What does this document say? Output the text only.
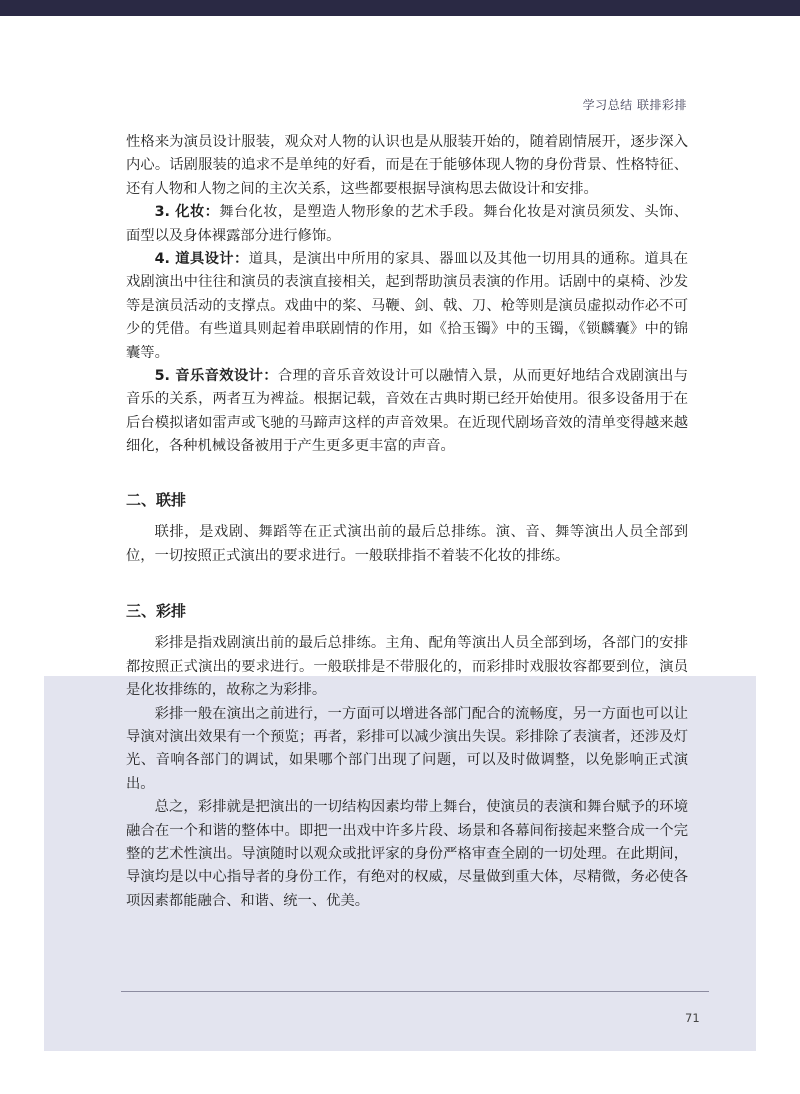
学习总结 联排彩排

性格来为演员设计服装，观众对人物的认识也是从服装开始的，随着剧情展开，逐步深入内心。话剧服装的追求不是单纯的好看，而是在于能够体现人物的身份背景、性格特征、还有人物和人物之间的主次关系，这些都要根据导演构思去做设计和安排。

3. 化妆：舞台化妆，是塑造人物形象的艺术手段。舞台化妆是对演员须发、头饰、面型以及身体裸露部分进行修饰。

4. 道具设计：道具，是演出中所用的家具、器皿以及其他一切用具的通称。道具在戏剧演出中往往和演员的表演直接相关，起到帮助演员表演的作用。话剧中的桌椅、沙发等是演员活动的支撑点。戏曲中的桨、马鞭、剑、戟、刀、枪等则是演员虚拟动作必不可少的凭借。有些道具则起着串联剧情的作用，如《拾玉镯》中的玉镯，《锁麟囊》中的锦囊等。

5. 音乐音效设计：合理的音乐音效设计可以融情入景，从而更好地结合戏剧演出与音乐的关系，两者互为裨益。根据记载，音效在古典时期已经开始使用。很多设备用于在后台模拟诸如雷声或飞驰的马蹄声这样的声音效果。在近现代剧场音效的清单变得越来越细化，各种机械设备被用于产生更多更丰富的声音。

二、联排

联排，是戏剧、舞蹈等在正式演出前的最后总排练。演、音、舞等演出人员全部到位，一切按照正式演出的要求进行。一般联排指不着装不化妆的排练。

三、彩排

彩排是指戏剧演出前的最后总排练。主角、配角等演出人员全部到场，各部门的安排都按照正式演出的要求进行。一般联排是不带服化的，而彩排时戏服妆容都要到位，演员是化妆排练的，故称之为彩排。

彩排一般在演出之前进行，一方面可以增进各部门配合的流畅度，另一方面也可以让导演对演出效果有一个预览；再者，彩排可以减少演出失误。彩排除了表演者，还涉及灯光、音响各部门的调试，如果哪个部门出现了问题，可以及时做调整，以免影响正式演出。

总之，彩排就是把演出的一切结构因素均带上舞台，使演员的表演和舞台赋予的环境融合在一个和谐的整体中。即把一出戏中许多片段、场景和各幕间衔接起来整合成一个完整的艺术性演出。导演随时以观众或批评家的身份严格审查全剧的一切处理。在此期间，导演均是以中心指导者的身份工作，有绝对的权威，尽量做到重大体，尽精微，务必使各项因素都能融合、和谐、统一、优美。

71
